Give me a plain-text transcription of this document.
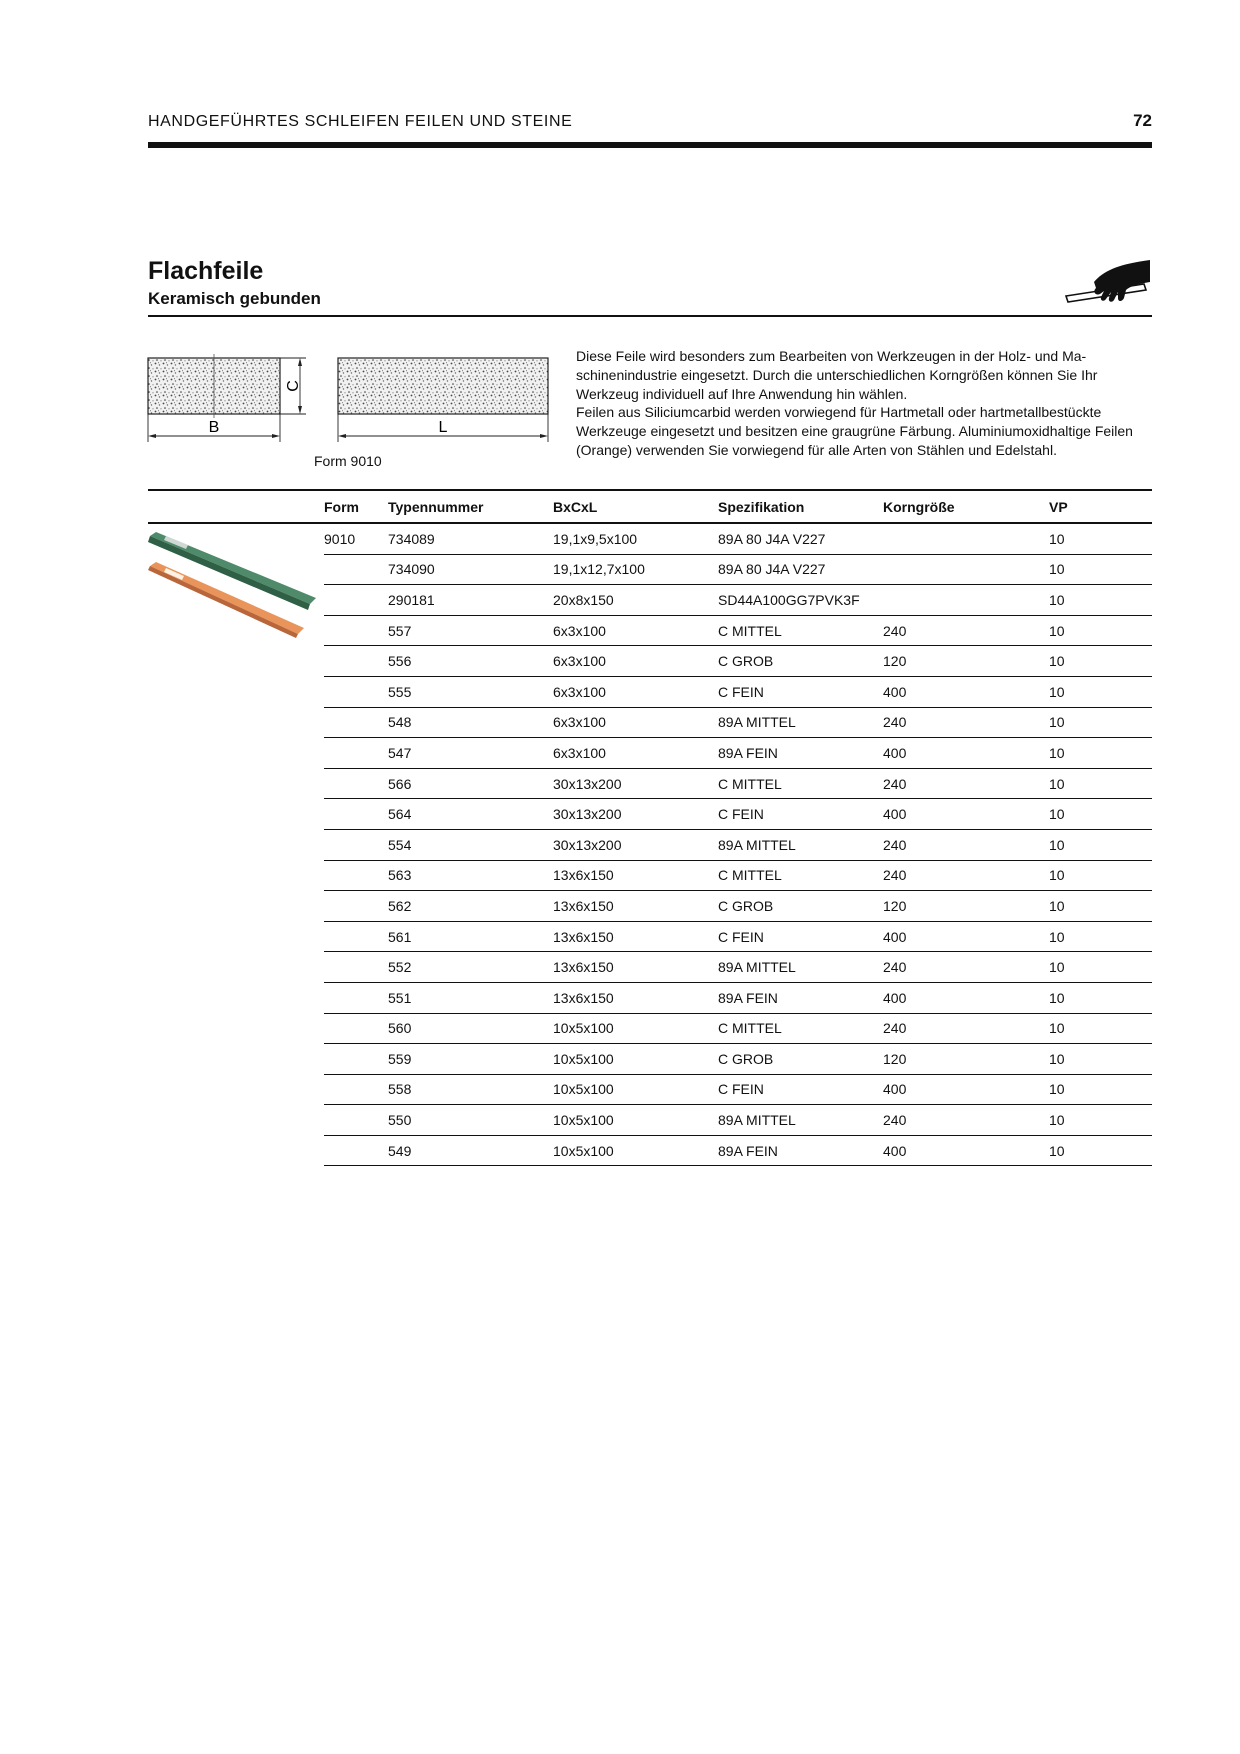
HANDGEFÜHRTES SCHLEIFEN FEILEN UND STEINE	72
Flachfeile
Keramisch gebunden
B	L
C
Form 9010

Diese Feile wird besonders zum Bearbeiten von Werkzeugen in der Holz- und Ma-schinenindustrie eingesetzt. Durch die unterschiedlichen Korngrößen können Sie Ihr Werkzeug individuell auf Ihre Anwendung hin wählen.

Feilen aus Siliciumcarbid werden vorwiegend für Hartmetall oder hartmetallbestückte Werkzeuge eingesetzt und besitzen eine graugrüne Färbung. Aluminiumoxidhaltige Feilen (Orange) verwenden Sie vorwiegend für alle Arten von Stählen und Edelstahl.

	Form	Typennummer	BxCxL	Spezifikation	Korngröße	VP

	9010	734089	19,1x9,5x100	89A 80 J4A V227		10
		734090	19,1x12,7x100	89A 80 J4A V227		10
		290181	20x8x150	SD44A100GG7PVK3F		10
		557	6x3x100	C MITTEL	240	10
		556	6x3x100	C GROB	120	10
		555	6x3x100	C FEIN	400	10
		548	6x3x100	89A MITTEL	240	10
		547	6x3x100	89A FEIN	400	10
		566	30x13x200	C MITTEL	240	10
		564	30x13x200	C FEIN	400	10
		554	30x13x200	89A MITTEL	240	10
		563	13x6x150	C MITTEL	240	10
		562	13x6x150	C GROB	120	10
		561	13x6x150	C FEIN	400	10
		552	13x6x150	89A MITTEL	240	10
		551	13x6x150	89A FEIN	400	10
		560	10x5x100	C MITTEL	240	10
		559	10x5x100	C GROB	120	10
		558	10x5x100	C FEIN	400	10
		550	10x5x100	89A MITTEL	240	10
		549	10x5x100	89A FEIN	400	10
